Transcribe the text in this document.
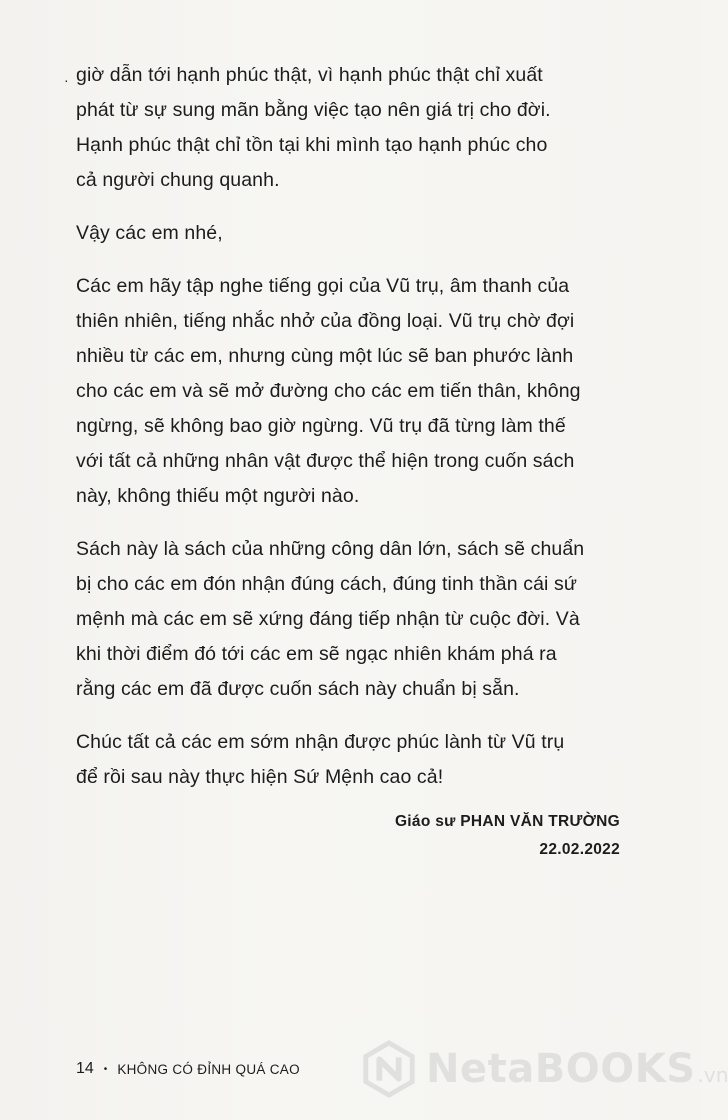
· giờ dẫn tới hạnh phúc thật, vì hạnh phúc thật chỉ xuất
phát từ sự sung mãn bằng việc tạo nên giá trị cho đời.
Hạnh phúc thật chỉ tồn tại khi mình tạo hạnh phúc cho
cả người chung quanh.

Vậy các em nhé,

Các em hãy tập nghe tiếng gọi của Vũ trụ, âm thanh của
thiên nhiên, tiếng nhắc nhở của đồng loại. Vũ trụ chờ đợi
nhiều từ các em, nhưng cùng một lúc sẽ ban phước lành
cho các em và sẽ mở đường cho các em tiến thân, không
ngừng, sẽ không bao giờ ngừng. Vũ trụ đã từng làm thế
với tất cả những nhân vật được thể hiện trong cuốn sách
này, không thiếu một người nào.

Sách này là sách của những công dân lớn, sách sẽ chuẩn
bị cho các em đón nhận đúng cách, đúng tinh thần cái sứ
mệnh mà các em sẽ xứng đáng tiếp nhận từ cuộc đời. Và
khi thời điểm đó tới các em sẽ ngạc nhiên khám phá ra
rằng các em đã được cuốn sách này chuẩn bị sẵn.

Chúc tất cả các em sớm nhận được phúc lành từ Vũ trụ
để rồi sau này thực hiện Sứ Mệnh cao cả!

Giáo sư PHAN VĂN TRƯỜNG
22.02.2022
14 • KHÔNG CÓ ĐỈNH QUÁ CAO	NetaBOOKS .vn
